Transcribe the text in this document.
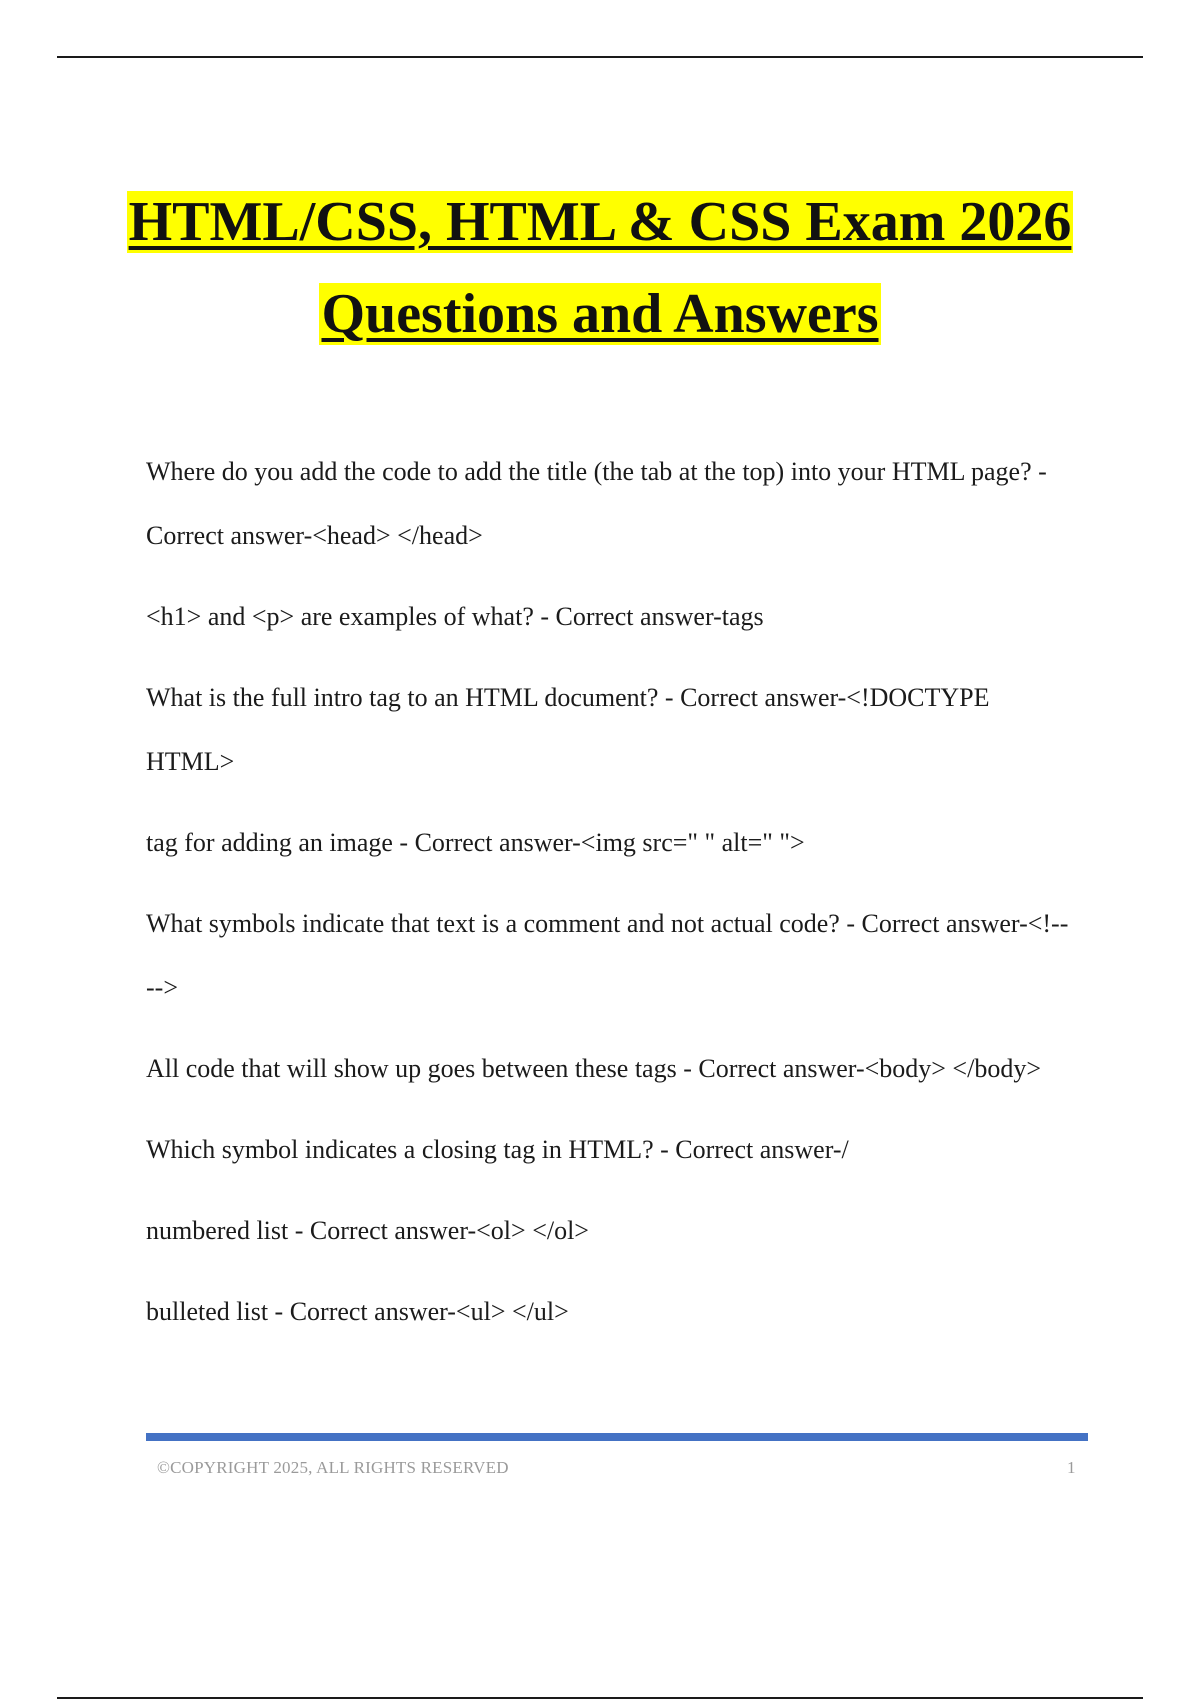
HTML/CSS, HTML & CSS Exam 2026
Questions and Answers

Where do you add the code to add the title (the tab at the top) into your HTML page? - Correct answer-<head> </head>

<h1> and <p> are examples of what? - Correct answer-tags

What is the full intro tag to an HTML document? - Correct answer-<!DOCTYPE HTML>

tag for adding an image - Correct answer-<img src=" " alt=" ">

What symbols indicate that text is a comment and not actual code? - Correct answer-<!-- -->

All code that will show up goes between these tags - Correct answer-<body> </body>

Which symbol indicates a closing tag in HTML? - Correct answer-/

numbered list - Correct answer-<ol> </ol>

bulleted list - Correct answer-<ul> </ul>

©COPYRIGHT 2025, ALL RIGHTS RESERVED	1
